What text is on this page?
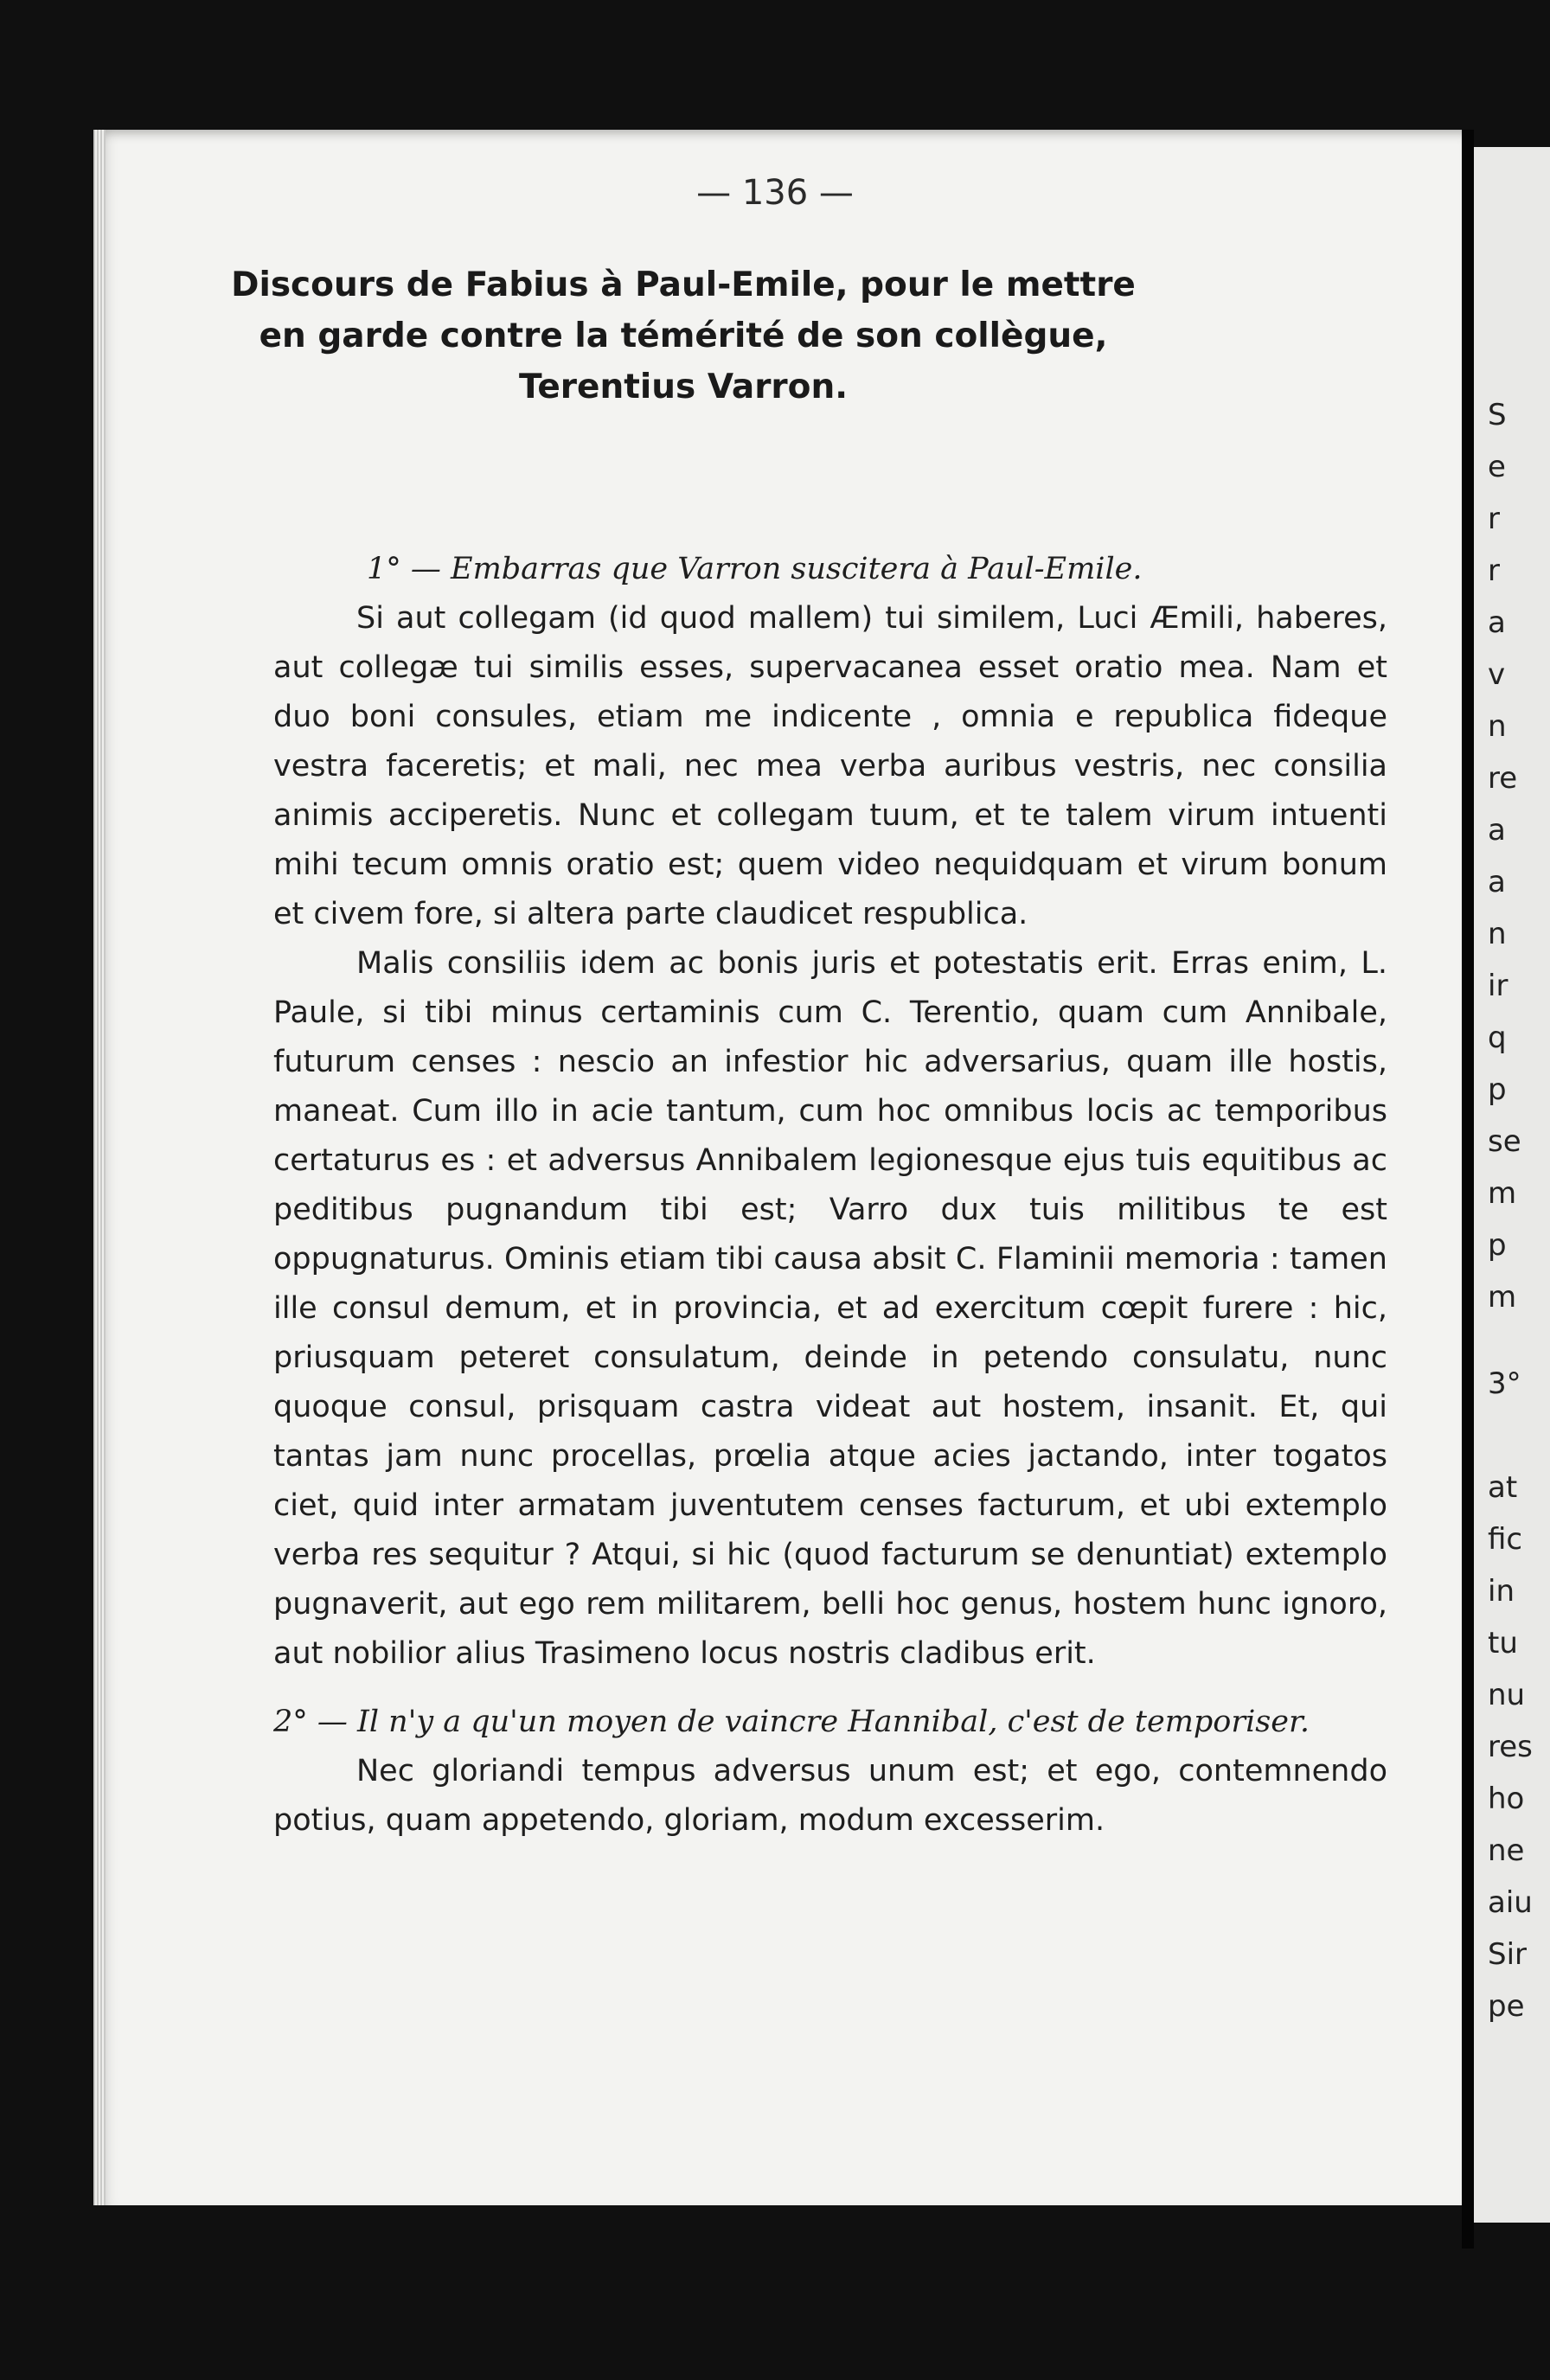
S
e
r
r
a
v
n
re
a
a
n
ir
q
p
se
m
p
m
3°
at
fic
in
tu
nu
res
ho
ne
aiu
Sir
pe
— 136 —
Discours de Fabius à Paul-Emile, pour le mettre en garde contre la témérité de son collègue, Terentius Varron.
1° — Embarras que Varron suscitera à Paul-Emile.

Si aut collegam (id quod mallem) tui similem, Luci Æmili, haberes, aut collegæ tui similis esses, supervacanea esset oratio mea. Nam et duo boni consules, etiam me indicente , omnia e republica fideque vestra faceretis; et mali, nec mea verba auribus vestris, nec consilia animis acciperetis. Nunc et collegam tuum, et te talem virum intuenti mihi tecum omnis oratio est; quem video nequidquam et virum bonum et civem fore, si altera parte claudicet respublica.

Malis consiliis idem ac bonis juris et potestatis erit. Erras enim, L. Paule, si tibi minus certaminis cum C. Terentio, quam cum Annibale, futurum censes : nescio an infestior hic adversarius, quam ille hostis, maneat. Cum illo in acie tantum, cum hoc omnibus locis ac temporibus certaturus es : et adversus Annibalem legionesque ejus tuis equitibus ac peditibus pugnandum tibi est; Varro dux tuis militibus te est oppugnaturus. Ominis etiam tibi causa absit C. Flaminii memoria : tamen ille consul demum, et in provincia, et ad exercitum cœpit furere : hic, priusquam peteret consulatum, deinde in petendo consulatu, nunc quoque consul, prisquam castra videat aut hostem, insanit. Et, qui tantas jam nunc procellas, prœlia atque acies jactando, inter togatos ciet, quid inter armatam juventutem censes facturum, et ubi extemplo verba res sequitur ? Atqui, si hic (quod facturum se denuntiat) extemplo pugnaverit, aut ego rem militarem, belli hoc genus, hostem hunc ignoro, aut nobilior alius Trasimeno locus nostris cladibus erit.

2° — Il n'y a qu'un moyen de vaincre Hannibal, c'est de temporiser.

Nec gloriandi tempus adversus unum est; et ego, contemnendo potius, quam appetendo, gloriam, modum excesserim.
